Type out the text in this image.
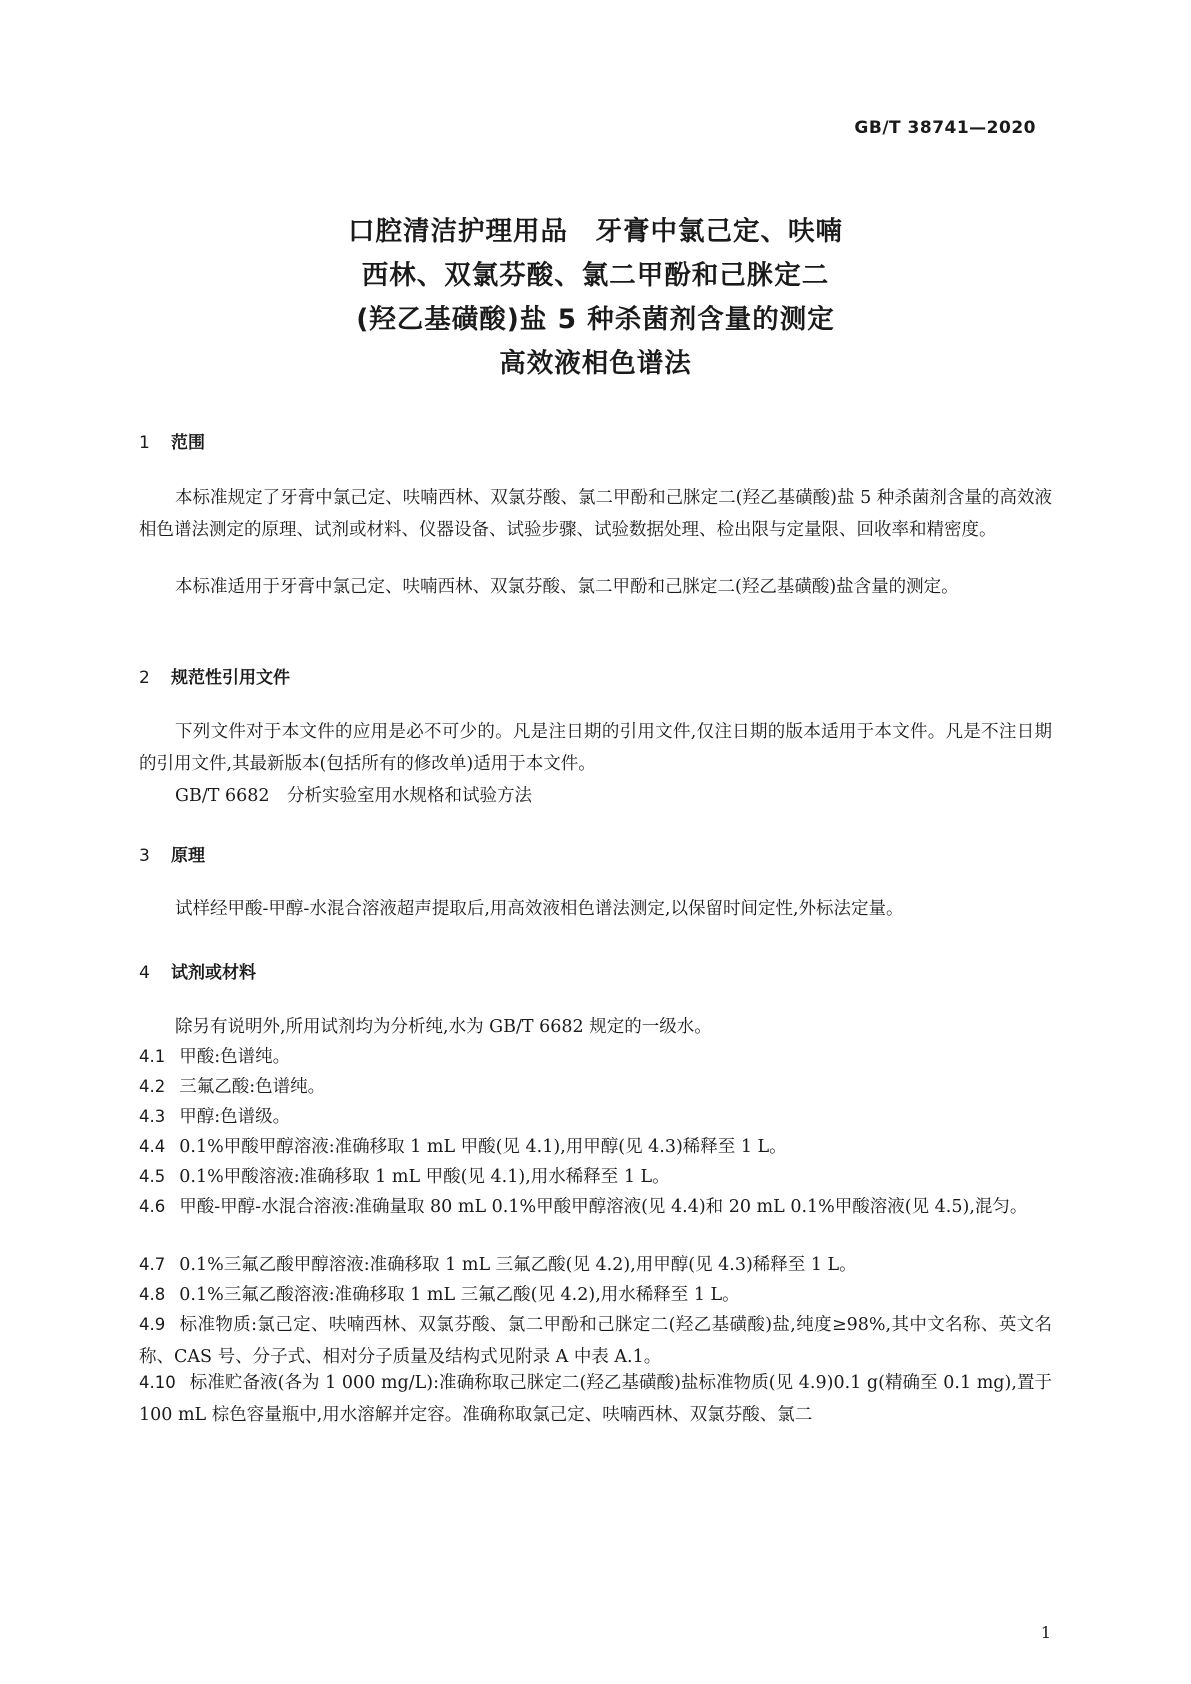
GB/T 38741—2020
口腔清洁护理用品　牙膏中氯己定、呋喃
西林、双氯芬酸、氯二甲酚和己脒定二
(羟乙基磺酸)盐 5 种杀菌剂含量的测定
高效液相色谱法
1 范围
本标准规定了牙膏中氯己定、呋喃西林、双氯芬酸、氯二甲酚和己脒定二(羟乙基磺酸)盐 5 种杀菌剂含量的高效液相色谱法测定的原理、试剂或材料、仪器设备、试验步骤、试验数据处理、检出限与定量限、回收率和精密度。
本标准适用于牙膏中氯己定、呋喃西林、双氯芬酸、氯二甲酚和己脒定二(羟乙基磺酸)盐含量的测定。
2 规范性引用文件
下列文件对于本文件的应用是必不可少的。凡是注日期的引用文件,仅注日期的版本适用于本文件。凡是不注日期的引用文件,其最新版本(包括所有的修改单)适用于本文件。
GB/T 6682　分析实验室用水规格和试验方法
3 原理
试样经甲酸-甲醇-水混合溶液超声提取后,用高效液相色谱法测定,以保留时间定性,外标法定量。
4 试剂或材料
除另有说明外,所用试剂均为分析纯,水为 GB/T 6682 规定的一级水。
4.1 甲酸:色谱纯。
4.2 三氟乙酸:色谱纯。
4.3 甲醇:色谱级。
4.4 0.1%甲酸甲醇溶液:准确移取 1 mL 甲酸(见 4.1),用甲醇(见 4.3)稀释至 1 L。
4.5 0.1%甲酸溶液:准确移取 1 mL 甲酸(见 4.1),用水稀释至 1 L。
4.6 甲酸-甲醇-水混合溶液:准确量取 80 mL 0.1%甲酸甲醇溶液(见 4.4)和 20 mL 0.1%甲酸溶液(见 4.5),混匀。
4.7 0.1%三氟乙酸甲醇溶液:准确移取 1 mL 三氟乙酸(见 4.2),用甲醇(见 4.3)稀释至 1 L。
4.8 0.1%三氟乙酸溶液:准确移取 1 mL 三氟乙酸(见 4.2),用水稀释至 1 L。
4.9 标准物质:氯己定、呋喃西林、双氯芬酸、氯二甲酚和己脒定二(羟乙基磺酸)盐,纯度≥98%,其中文名称、英文名称、CAS 号、分子式、相对分子质量及结构式见附录 A 中表 A.1。
4.10 标准贮备液(各为 1 000 mg/L):准确称取己脒定二(羟乙基磺酸)盐标准物质(见 4.9)0.1 g(精确至 0.1 mg),置于 100 mL 棕色容量瓶中,用水溶解并定容。准确称取氯己定、呋喃西林、双氯芬酸、氯二
1
